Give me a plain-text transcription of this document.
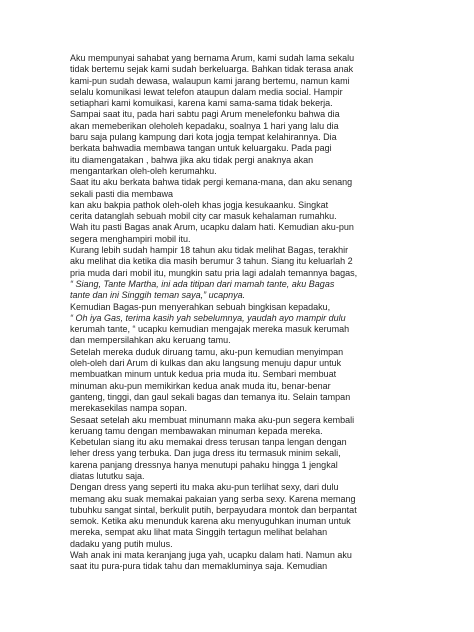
Aku mempunyai sahabat yang bernama Arum, kami sudah lama sekalu
tidak bertemu sejak kami sudah berkeluarga. Bahkan tidak terasa anak
kami-pun sudah dewasa, walaupun kami jarang bertemu, namun kami
selalu komunikasi lewat telefon ataupun dalam media social. Hampir
setiaphari kami komuikasi, karena kami sama-sama tidak bekerja.
Sampai saat itu, pada hari sabtu pagi Arum menelefonku bahwa dia
akan memeberikan oleholeh kepadaku, soalnya 1 hari yang lalu dia
baru saja pulang kampung dari kota jogja tempat kelahirannya. Dia
berkata bahwadia membawa tangan untuk keluargaku. Pada pagi
itu diamengatakan , bahwa jika aku tidak pergi anaknya akan
mengantarkan oleh-oleh kerumahku.
Saat itu aku berkata bahwa tidak pergi kemana-mana, dan aku senang
sekali pasti dia membawa
kan aku bakpia pathok oleh-oleh khas jogja kesukaanku. Singkat
cerita datanglah sebuah mobil city car masuk kehalaman rumahku.
Wah itu pasti Bagas anak Arum, ucapku dalam hati. Kemudian aku-pun
segera menghampiri mobil itu.
Kurang lebih sudah hampir 18 tahun aku tidak melihat Bagas, terakhir
aku melihat dia ketika dia masih berumur 3 tahun. Siang itu keluarlah 2
pria muda dari mobil itu, mungkin satu pria lagi adalah temannya bagas,
“ Siang, Tante Martha, ini ada titipan dari mamah tante, aku Bagas
tante dan ini Singgih teman saya,” ucapnya.
Kemudian Bagas-pun menyerahkan sebuah bingkisan kepadaku,
“ Oh iya Gas, terima kasih yah sebelumnya, yaudah ayo mampir dulu
kerumah tante, “ ucapku kemudian mengajak mereka masuk kerumah
dan mempersilahkan aku keruang tamu.
Setelah mereka duduk diruang tamu, aku-pun kemudian menyimpan
oleh-oleh dari Arum di kulkas dan aku langsung menuju dapur untuk
membuatkan minum untuk kedua pria muda itu. Sembari membuat
minuman aku-pun memikirkan kedua anak muda itu, benar-benar
ganteng, tinggi, dan gaul sekali bagas dan temanya itu. Selain tampan
merekasekilas nampa sopan.
Sesaat setelah aku membuat minumann maka aku-pun segera kembali
keruang tamu dengan membawakan minuman kepada mereka.
Kebetulan siang itu aku memakai dress terusan tanpa lengan dengan
leher dress yang terbuka. Dan juga dress itu termasuk minim sekali,
karena panjang dressnya hanya menutupi pahaku hingga 1 jengkal
diatas lututku saja.
Dengan dress yang seperti itu maka aku-pun terlihat sexy, dari dulu
memang aku suak memakai pakaian yang serba sexy. Karena memang
tubuhku sangat sintal, berkulit putih, berpayudara montok dan berpantat
semok. Ketika aku menunduk karena aku menyuguhkan inuman untuk
mereka, sempat aku lihat mata Singgih tertagun melihat belahan
dadaku yang putih mulus.
Wah anak ini mata keranjang juga yah, ucapku dalam hati. Namun aku
saat itu pura-pura tidak tahu dan memakluminya saja. Kemudian
